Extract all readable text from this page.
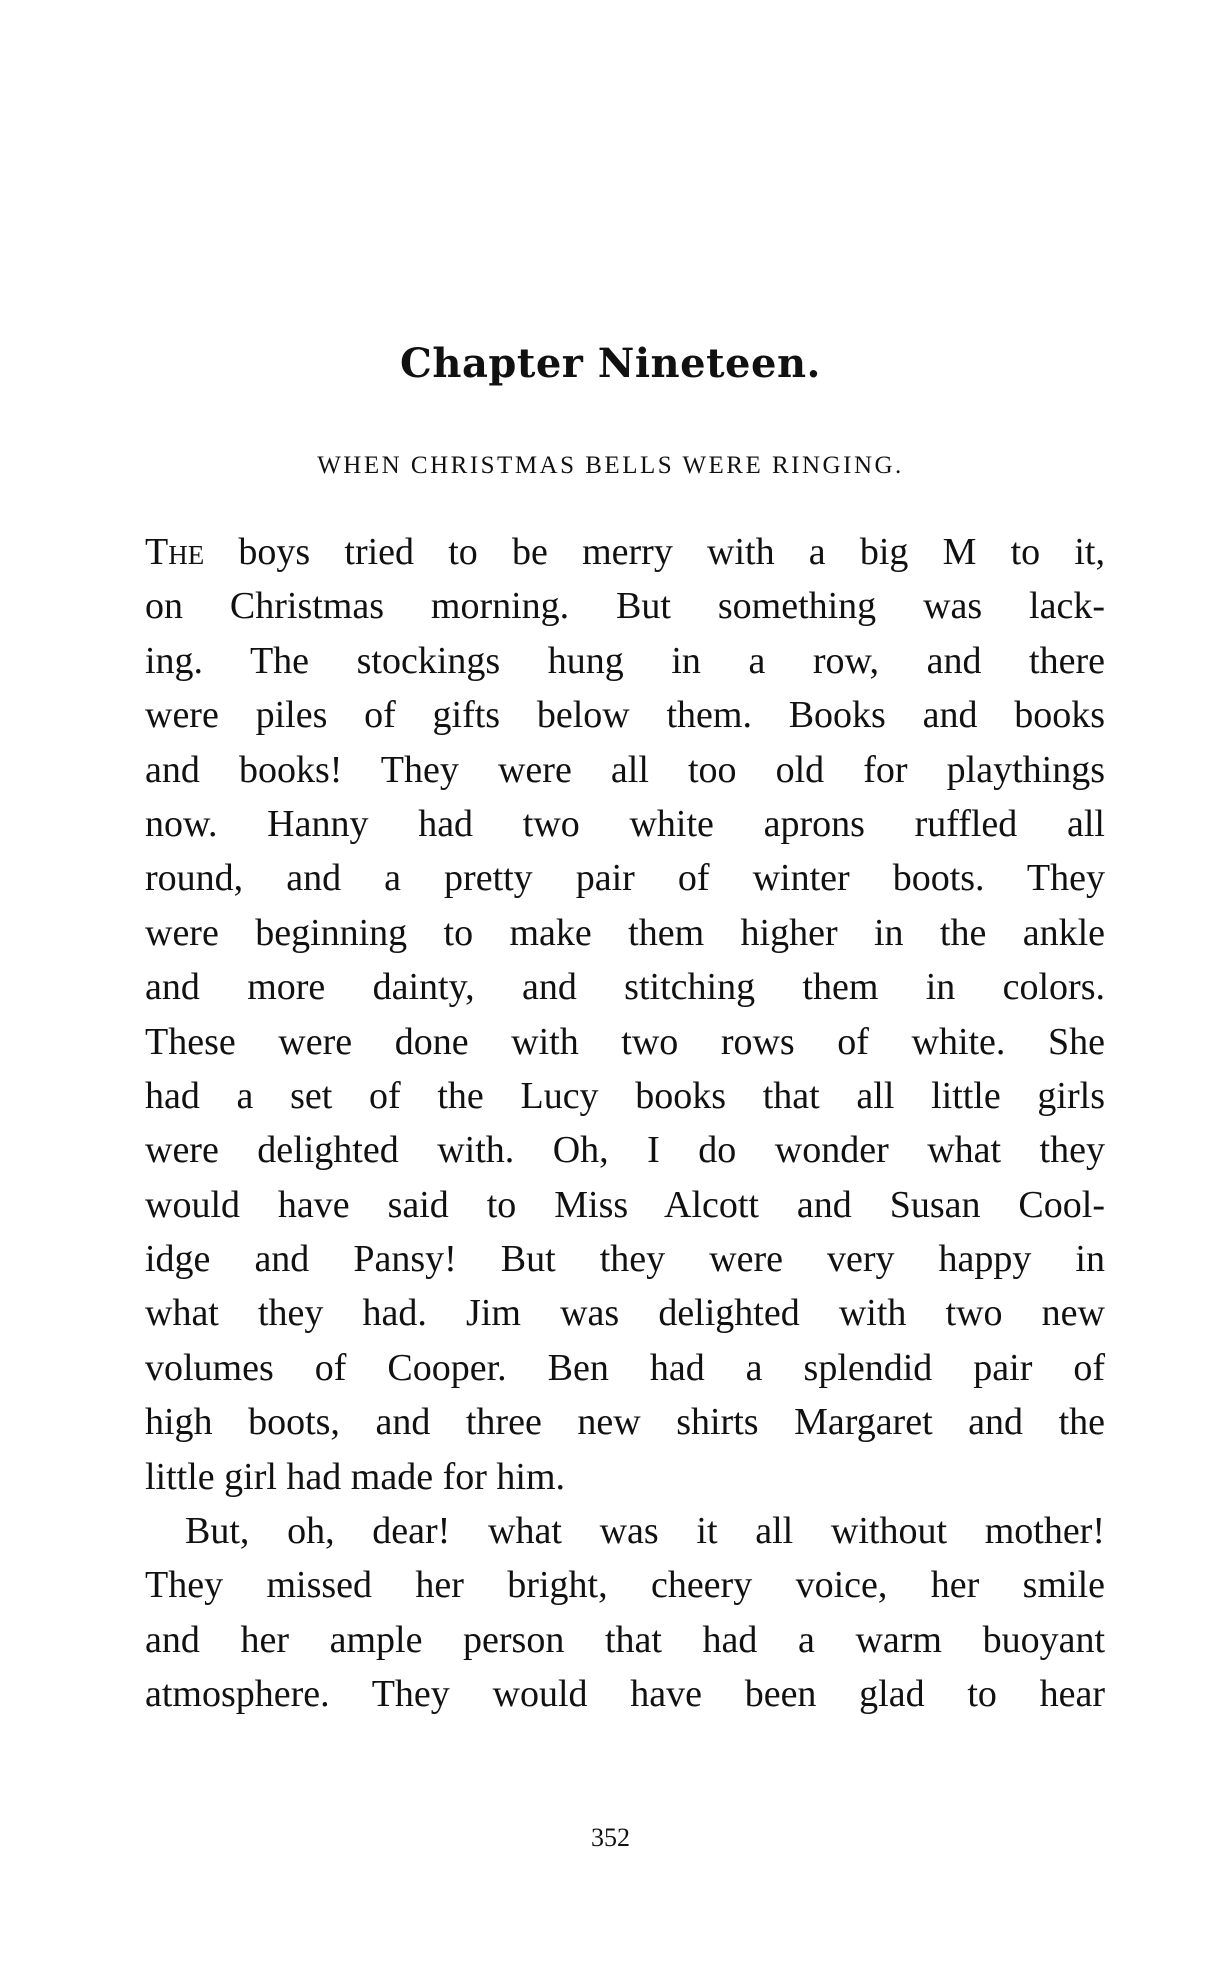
Chapter Nineteen.
WHEN CHRISTMAS BELLS WERE RINGING.
The boys tried to be merry with a big M to it,
on Christmas morning. But something was lack-
ing. The stockings hung in a row, and there
were piles of gifts below them. Books and books
and books! They were all too old for playthings
now. Hanny had two white aprons ruffled all
round, and a pretty pair of winter boots. They
were beginning to make them higher in the ankle
and more dainty, and stitching them in colors.
These were done with two rows of white. She
had a set of the Lucy books that all little girls
were delighted with. Oh, I do wonder what they
would have said to Miss Alcott and Susan Cool-
idge and Pansy! But they were very happy in
what they had. Jim was delighted with two new
volumes of Cooper. Ben had a splendid pair of
high boots, and three new shirts Margaret and the
little girl had made for him.
But, oh, dear! what was it all without mother!
They missed her bright, cheery voice, her smile
and her ample person that had a warm buoyant
atmosphere. They would have been glad to hear
352
